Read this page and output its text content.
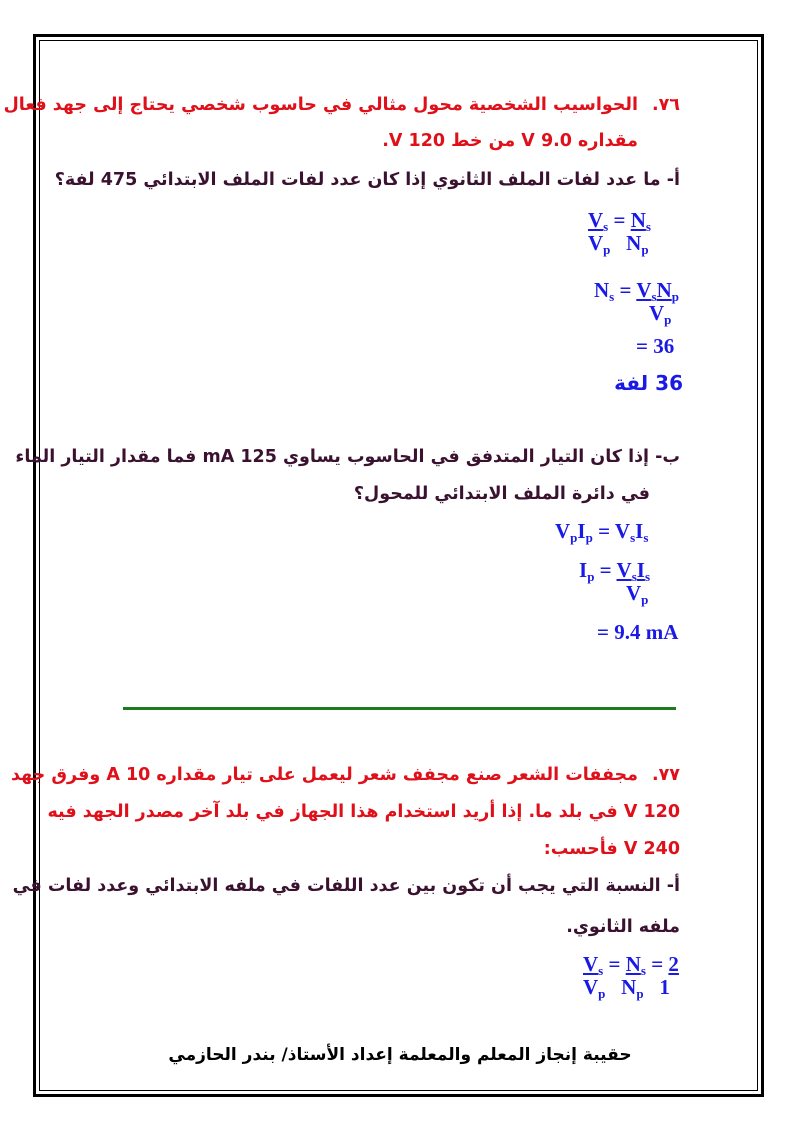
٧٦.
الحواسيب الشخصية محول مثالي في حاسوب شخصي يحتاج إلى جهد فعال
مقداره 9.0 V من خط 120 V.
أ- ما عدد لفات الملف الثانوي إذا كان عدد لفات الملف الابتدائي 475 لفة؟
$V_s = N_s$
$V_p$   $N_p$
$N_s = V_sN_p$
$V_p$
= 36
36 لفة
ب- إذا كان التيار المتدفق في الحاسوب يساوي 125 mA فما مقدار التيار الماء
في دائرة الملف الابتدائي للمحول؟
$V_pI_p = V_sI_s$
$I_p = V_sI_s$
$V_p$
= 9.4 mA
٧٧.
مجففات الشعر صنع مجفف شعر ليعمل على تيار مقداره 10 A وفرق جهد
120 V في بلد ما. إذا أريد استخدام هذا الجهاز في بلد آخر مصدر الجهد فيه
240 V فأحسب:
أ- النسبة التي يجب أن تكون بين عدد اللفات في ملفه الابتدائي وعدد لفات في
ملفه الثانوي.
$V_s = N_s = 2$
$V_p$   $N_p$   1
حقيبة إنجاز المعلم والمعلمة إعداد الأستاذ/ بندر الحازمي
